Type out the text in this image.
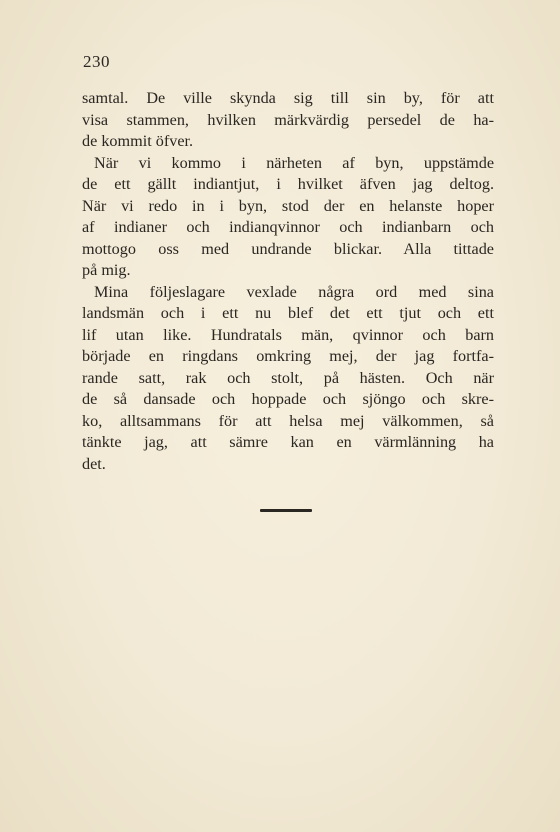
230
samtal. De ville skynda sig till sin by, för att
visa stammen, hvilken märkvärdig persedel de ha-
de kommit öfver.
När vi kommo i närheten af byn, uppstämde
de ett gällt indiantjut, i hvilket äfven jag deltog.
När vi redo in i byn, stod der en helanste hoper
af indianer och indianqvinnor och indianbarn och
mottogo oss med undrande blickar. Alla tittade
på mig.
Mina följeslagare vexlade några ord med sina
landsmän och i ett nu blef det ett tjut och ett
lif utan like. Hundratals män, qvinnor och barn
började en ringdans omkring mej, der jag fortfa-
rande satt, rak och stolt, på hästen. Och när
de så dansade och hoppade och sjöngo och skre-
ko, alltsammans för att helsa mej välkommen, så
tänkte jag, att sämre kan en värmlänning ha
det.
